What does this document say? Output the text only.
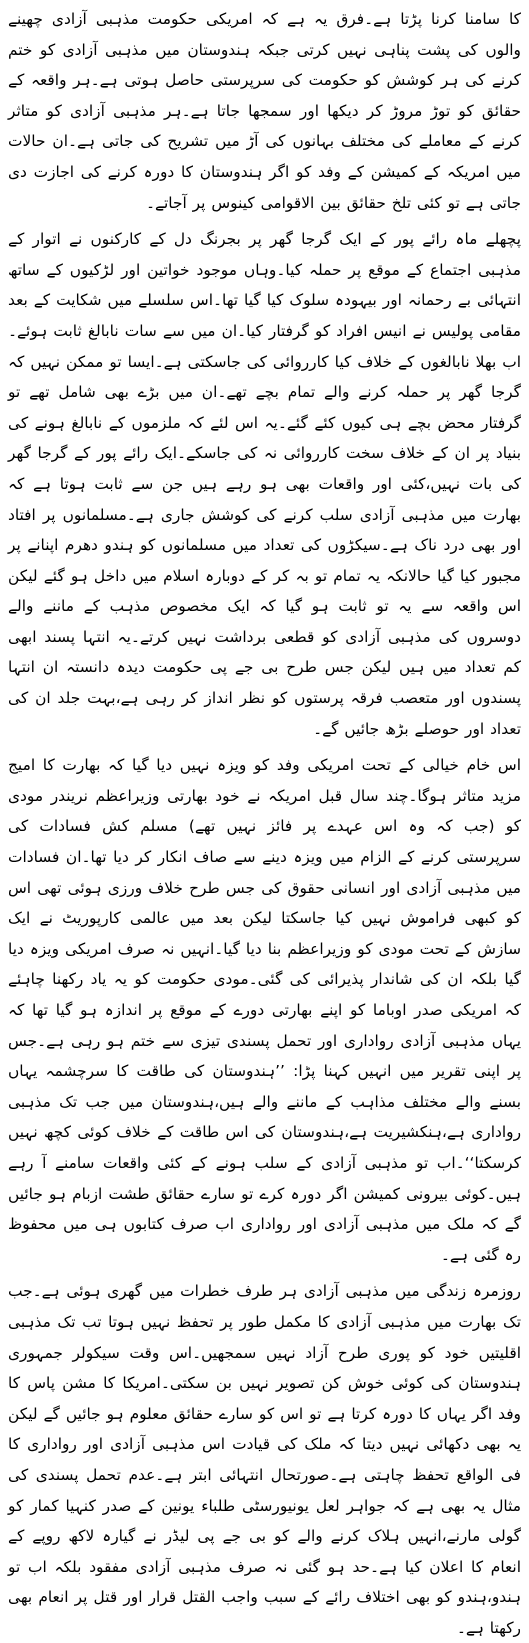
کا سامنا کرنا پڑتا ہے۔فرق یہ ہے کہ امریکی حکومت مذہبی آزادی چھینے والوں کی پشت پناہی نہیں کرتی جبکہ ہندوستان میں مذہبی آزادی کو ختم کرنے کی ہر کوشش کو حکومت کی سرپرستی حاصل ہوتی ہے۔ہر واقعہ کے حقائق کو توڑ مروڑ کر دیکھا اور سمجھا جاتا ہے۔ہر مذہبی آزادی کو متاثر کرنے کے معاملے کی مختلف بہانوں کی آڑ میں تشریح کی جاتی ہے۔ان حالات میں امریکہ کے کمیشن کے وفد کو اگر ہندوستان کا دورہ کرنے کی اجازت دی جاتی ہے تو کئی تلخ حقائق بین الاقوامی کینوس پر آجاتے۔

پچھلے ماہ رائے پور کے ایک گرجا گھر پر بجرنگ دل کے کارکنوں نے اتوار کے مذہبی اجتماع کے موقع پر حملہ کیا۔وہاں موجود خواتین اور لڑکیوں کے ساتھ انتہائی بے رحمانہ اور بیہودہ سلوک کیا گیا تھا۔اس سلسلے میں شکایت کے بعد مقامی پولیس نے انیس افراد کو گرفتار کیا۔ان میں سے سات نابالغ ثابت ہوئے۔اب بھلا نابالغوں کے خلاف کیا کارروائی کی جاسکتی ہے۔ایسا تو ممکن نہیں کہ گرجا گھر پر حملہ کرنے والے تمام بچے تھے۔ان میں بڑے بھی شامل تھے تو گرفتار محض بچے ہی کیوں کئے گئے۔یہ اس لئے کہ ملزموں کے نابالغ ہونے کی بنیاد پر ان کے خلاف سخت کارروائی نہ کی جاسکے۔ایک رائے پور کے گرجا گھر کی بات نہیں،کئی اور واقعات بھی ہو رہے ہیں جن سے ثابت ہوتا ہے کہ بھارت میں مذہبی آزادی سلب کرنے کی کوشش جاری ہے۔مسلمانوں پر افتاد اور بھی درد ناک ہے۔سیکڑوں کی تعداد میں مسلمانوں کو ہندو دھرم اپنانے پر مجبور کیا گیا حالانکہ یہ تمام تو بہ کر کے دوبارہ اسلام میں داخل ہو گئے لیکن اس واقعہ سے یہ تو ثابت ہو گیا کہ ایک مخصوص مذہب کے ماننے والے دوسروں کی مذہبی آزادی کو قطعی برداشت نہیں کرتے۔یہ انتہا پسند ابھی کم تعداد میں ہیں لیکن جس طرح بی جے پی حکومت دیدہ دانستہ ان انتہا پسندوں اور متعصب فرقہ پرستوں کو نظر انداز کر رہی ہے،بہت جلد ان کی تعداد اور حوصلے بڑھ جائیں گے۔

اس خام خیالی کے تحت امریکی وفد کو ویزہ نہیں دیا گیا کہ بھارت کا امیج مزید متاثر ہوگا۔چند سال قبل امریکہ نے خود بھارتی وزیراعظم نریندر مودی کو (جب کہ وہ اس عہدے پر فائز نہیں تھے) مسلم کش فسادات کی سرپرستی کرنے کے الزام میں ویزہ دینے سے صاف انکار کر دیا تھا۔ان فسادات میں مذہبی آزادی اور انسانی حقوق کی جس طرح خلاف ورزی ہوئی تھی اس کو کبھی فراموش نہیں کیا جاسکتا لیکن بعد میں عالمی کارپوریٹ نے ایک سازش کے تحت مودی کو وزیراعظم بنا دیا گیا۔انہیں نہ صرف امریکی ویزہ دیا گیا بلکہ ان کی شاندار پذیرائی کی گئی۔مودی حکومت کو یہ یاد رکھنا چاہئے کہ امریکی صدر اوباما کو اپنے بھارتی دورے کے موقع پر اندازہ ہو گیا تھا کہ یہاں مذہبی آزادی رواداری اور تحمل پسندی تیزی سے ختم ہو رہی ہے۔جس پر اپنی تقریر میں انہیں کہنا پڑا: ’’ہندوستان کی طاقت کا سرچشمہ یہاں بسنے والے مختلف مذاہب کے ماننے والے ہیں،ہندوستان میں جب تک مذہبی رواداری ہے،ہنکشیریت ہے،ہندوستان کی اس طاقت کے خلاف کوئی کچھ نہیں کرسکتا‘‘۔اب تو مذہبی آزادی کے سلب ہونے کے کئی واقعات سامنے آ رہے ہیں۔کوئی بیرونی کمیشن اگر دورہ کرے تو سارے حقائق طشت ازبام ہو جائیں گے کہ ملک میں مذہبی آزادی اور رواداری اب صرف کتابوں ہی میں محفوظ رہ گئی ہے۔

روزمرہ زندگی میں مذہبی آزادی ہر طرف خطرات میں گھری ہوئی ہے۔جب تک بھارت میں مذہبی آزادی کا مکمل طور پر تحفظ نہیں ہوتا تب تک مذہبی اقلیتیں خود کو پوری طرح آزاد نہیں سمجھیں۔اس وقت سیکولر جمہوری ہندوستان کی کوئی خوش کن تصویر نہیں بن سکتی۔امریکا کا مشن پاس کا وفد اگر یہاں کا دورہ کرتا ہے تو اس کو سارے حقائق معلوم ہو جائیں گے لیکن یہ بھی دکھائی نہیں دیتا کہ ملک کی قیادت اس مذہبی آزادی اور رواداری کا فی الواقع تحفظ چاہتی ہے۔صورتحال انتہائی ابتر ہے۔عدم تحمل پسندی کی مثال یہ بھی ہے کہ جواہر لعل یونیورسٹی طلباء یونین کے صدر کنہیا کمار کو گولی مارنے،انہیں ہلاک کرنے والے کو بی جے پی لیڈر نے گیارہ لاکھ روپے کے انعام کا اعلان کیا ہے۔حد ہو گئی نہ صرف مذہبی آزادی مفقود بلکہ اب تو ہندو،ہندو کو بھی اختلاف رائے کے سبب واجب القتل قرار اور قتل پر انعام بھی رکھتا ہے۔
